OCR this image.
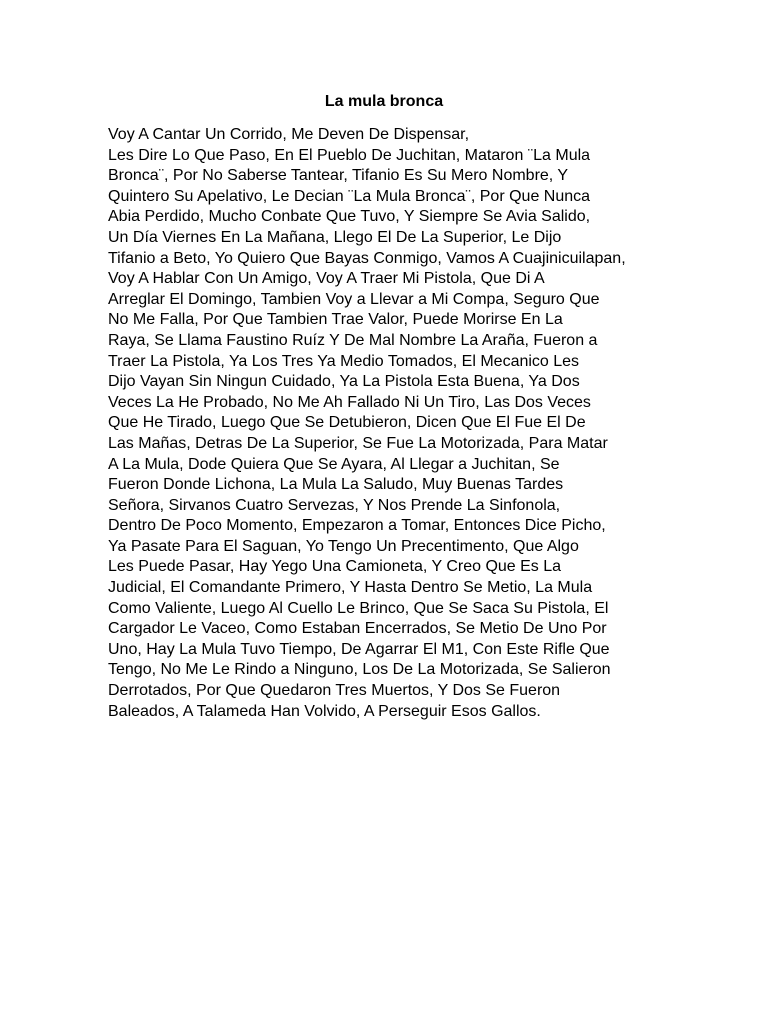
La mula bronca
Voy A Cantar Un Corrido, Me Deven De Dispensar,
Les Dire Lo Que Paso, En El Pueblo De Juchitan, Mataron ¨La Mula
Bronca¨, Por No Saberse Tantear, Tifanio Es Su Mero Nombre, Y
Quintero Su Apelativo, Le Decian ¨La Mula Bronca¨, Por Que Nunca
Abia Perdido, Mucho Conbate Que Tuvo, Y Siempre Se Avia Salido,
Un Día Viernes En La Mañana, Llego El De La Superior, Le Dijo
Tifanio a Beto, Yo Quiero Que Bayas Conmigo, Vamos A Cuajinicuilapan,
Voy A Hablar Con Un Amigo, Voy A Traer Mi Pistola, Que Di A
Arreglar El Domingo, Tambien Voy a Llevar a Mi Compa, Seguro Que
No Me Falla, Por Que Tambien Trae Valor, Puede Morirse En La
Raya, Se Llama Faustino Ruíz Y De Mal Nombre La Araña, Fueron a
Traer La Pistola, Ya Los Tres Ya Medio Tomados, El Mecanico Les
Dijo Vayan Sin Ningun Cuidado, Ya La Pistola Esta Buena, Ya Dos
Veces La He Probado, No Me Ah Fallado Ni Un Tiro, Las Dos Veces
Que He Tirado, Luego Que Se Detubieron, Dicen Que El Fue El De
Las Mañas, Detras De La Superior, Se Fue La Motorizada, Para Matar
A La Mula, Dode Quiera Que Se Ayara, Al Llegar a Juchitan, Se
Fueron Donde Lichona, La Mula La Saludo, Muy Buenas Tardes
Señora, Sirvanos Cuatro Servezas, Y Nos Prende La Sinfonola,
Dentro De Poco Momento, Empezaron a Tomar, Entonces Dice Picho,
Ya Pasate Para El Saguan, Yo Tengo Un Precentimento, Que Algo
Les Puede Pasar, Hay Yego Una Camioneta, Y Creo Que Es La
Judicial, El Comandante Primero, Y Hasta Dentro Se Metio, La Mula
Como Valiente, Luego Al Cuello Le Brinco, Que Se Saca Su Pistola, El
Cargador Le Vaceo, Como Estaban Encerrados, Se Metio De Uno Por
Uno, Hay La Mula Tuvo Tiempo, De Agarrar El M1, Con Este Rifle Que
Tengo, No Me Le Rindo a Ninguno, Los De La Motorizada, Se Salieron
Derrotados, Por Que Quedaron Tres Muertos, Y Dos Se Fueron
Baleados, A Talameda Han Volvido, A Perseguir Esos Gallos.
